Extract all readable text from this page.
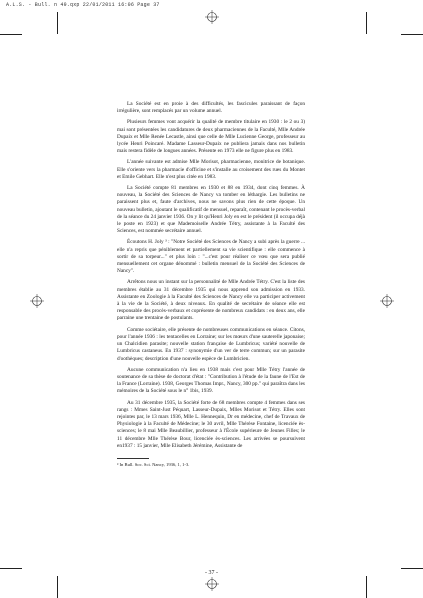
A.L.S. - Bull. n 49.qxp 22/01/2011 16:06 Page 37

La Société est en proie à des difficultés, les fascicules paraissant de façon irrégulière, sont remplacés par un volume annuel.

Plusieurs femmes vont acquérir la qualité de membre titulaire en 1930 : le 2 ou 3) mai sont présentées les candidatures de deux pharmaciennes de la Faculté, Mlle Andrée Dupaix et Mlle Renée Lecastle, ainsi que celle de Mlle Lucienne George, professeur au lycée Henri Poincaré. Madame Lasseur-Dupaix ne publiera jamais dans nos bulletin mais restera fidèle de longues années. Présente en 1973 elle ne figure plus en 1983.

L'année suivante est admise Mlle Morisot, pharmacienne, monitrice de botanique. Elle s'oriente vers la pharmacie d'officine et s'installe au croisement des rues du Montet et Emile Gebhart. Elle n'est plus citée en 1983.

La Société compte 81 membres en 1930 et 88 en 1934, dont cinq femmes. À nouveau, la Société des Sciences de Nancy va tomber en léthargie. Les bulletins ne paraissent plus et, faute d'archives, nous ne savons plus rien de cette époque. Un nouveau bulletin, ajoutant le qualificatif de mensuel, reparaît, contenant le procès-verbal de la séance du 24 janvier 1936. On y lit qu'Henri Joly en est le président (il occupa déjà le poste en 1923) et que Mademoiselle Andrée Tétry, assistante à la Faculté des Sciences, est nommée secrétaire annuel.

Écoutons H. Joly ³ : "Notre Société des Sciences de Nancy a subi après la guerre ... elle n'a repris que péniblement et partiellement sa vie scientifique : elle commence à sortir de sa torpeur..." et plus loin : "...c'est pour réaliser ce vœu que sera publié mensuellement cet organe dénommé : bulletin mensuel de la Société des Sciences de Nancy".

Arrêtons nous un instant sur la personnalité de Mlle Andrée Tétry. C'est la liste des membres établie au 31 décembre 1935 qui nous apprend son admission en 1933. Assistante en Zoologie à la Faculté des Sciences de Nancy elle va participer activement à la vie de la Société, à deux niveaux. En qualité de secrétaire de séance elle est responsable des procès-verbaux et coprésente de nombreux candidats : en deux ans, elle parraine une trentaine de postulants.

Comme sociétaire, elle présente de nombreuses communications en séance. Citons, pour l'année 1936 : les tentacelles en Lorraine; sur les mœurs d'une sauterelle japonaise; un Chalcidien parasite; nouvelle station française de Lumbricus; variété nouvelle de Lumbricus castaneus. En 1937 : synonymie d'un ver de terre commun; sur un parasite d'oothèques; description d'une nouvelle espèce de Lumbricien.

Aucune communication n'a lieu en 1938 mais c'est pour Mlle Tétry l'année de soutenance de sa thèse de doctorat d'état : "Contribution à l'étude de la faune de l'Est de la France (Lorraine). 1938, Georges Thomas Impr., Nancy, 300 pp." qui paraîtra dans les mémoires de la Société sous le n° 1bis, 1939.

Au 31 décembre 1935, la Société forte de 68 membres compte 4 femmes dans ses rangs : Mmes Saint-Just Péquart, Lasseur-Dupaix, Mlles Morisot et Tétry. Elles sont rejointes par, le 13 mars 1936, Mlle L. Hennequin, Dr en médecine, chef de Travaux de Physiologie à la Faculté de Médecine; le 30 avril, Mlle Thérèse Fontaine, licenciée ès-sciences; le 8 mai Mlle Beaubillier, professeur à l'École supérieure de Jeunes Filles; le 11 décembre Mlle Thérèse Bour, licenciée ès-sciences. Les arrivées se poursuivent en1937 : 15 janvier, Mlle Elisabeth Jérémine, Assistante de

³ In Bull. Soc. Sci. Nancy, 1936, 1, 1-3.

- 37 -
